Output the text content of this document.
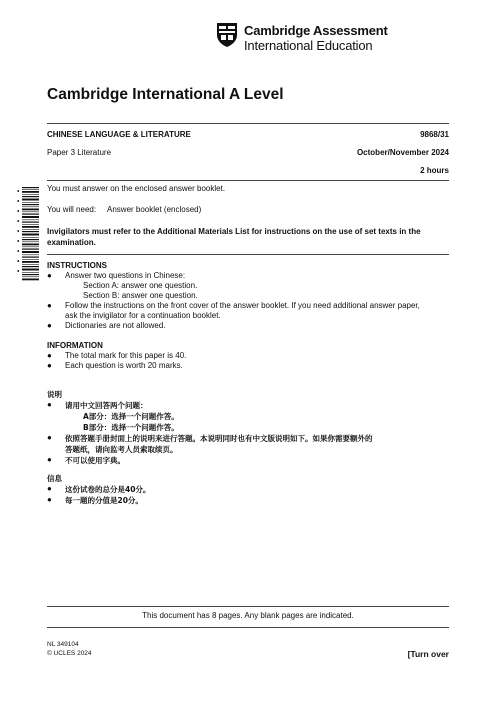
Cambridge Assessment
International Education
Cambridge International A Level
CHINESE LANGUAGE & LITERATURE	9868/31
Paper 3 Literature	October/November 2024
2 hours
You must answer on the enclosed answer booklet.
You will need: Answer booklet (enclosed)
Invigilators must refer to the Additional Materials List for instructions on the use of set texts in the
examination.
INSTRUCTIONS
● Answer two questions in Chinese:
Section A: answer one question.
Section B: answer one question.
● Follow the instructions on the front cover of the answer booklet. If you need additional answer paper,
ask the invigilator for a continuation booklet.
● Dictionaries are not allowed.
INFORMATION
● The total mark for this paper is 40.
● Each question is worth 20 marks.
说明
● 请用中文回答两个问题：
A部分：选择一个问题作答。
B部分：选择一个问题作答。
● 依照答题手册封面上的说明来进行答题。本说明同时也有中文版说明如下。如果你需要额外的
答题纸，请向监考人员索取续页。
● 不可以使用字典。
信息
● 这份试卷的总分是40分。
● 每一题的分值是20分。
This document has 8 pages. Any blank pages are indicated.
NL 349104
© UCLES 2024	[Turn over
